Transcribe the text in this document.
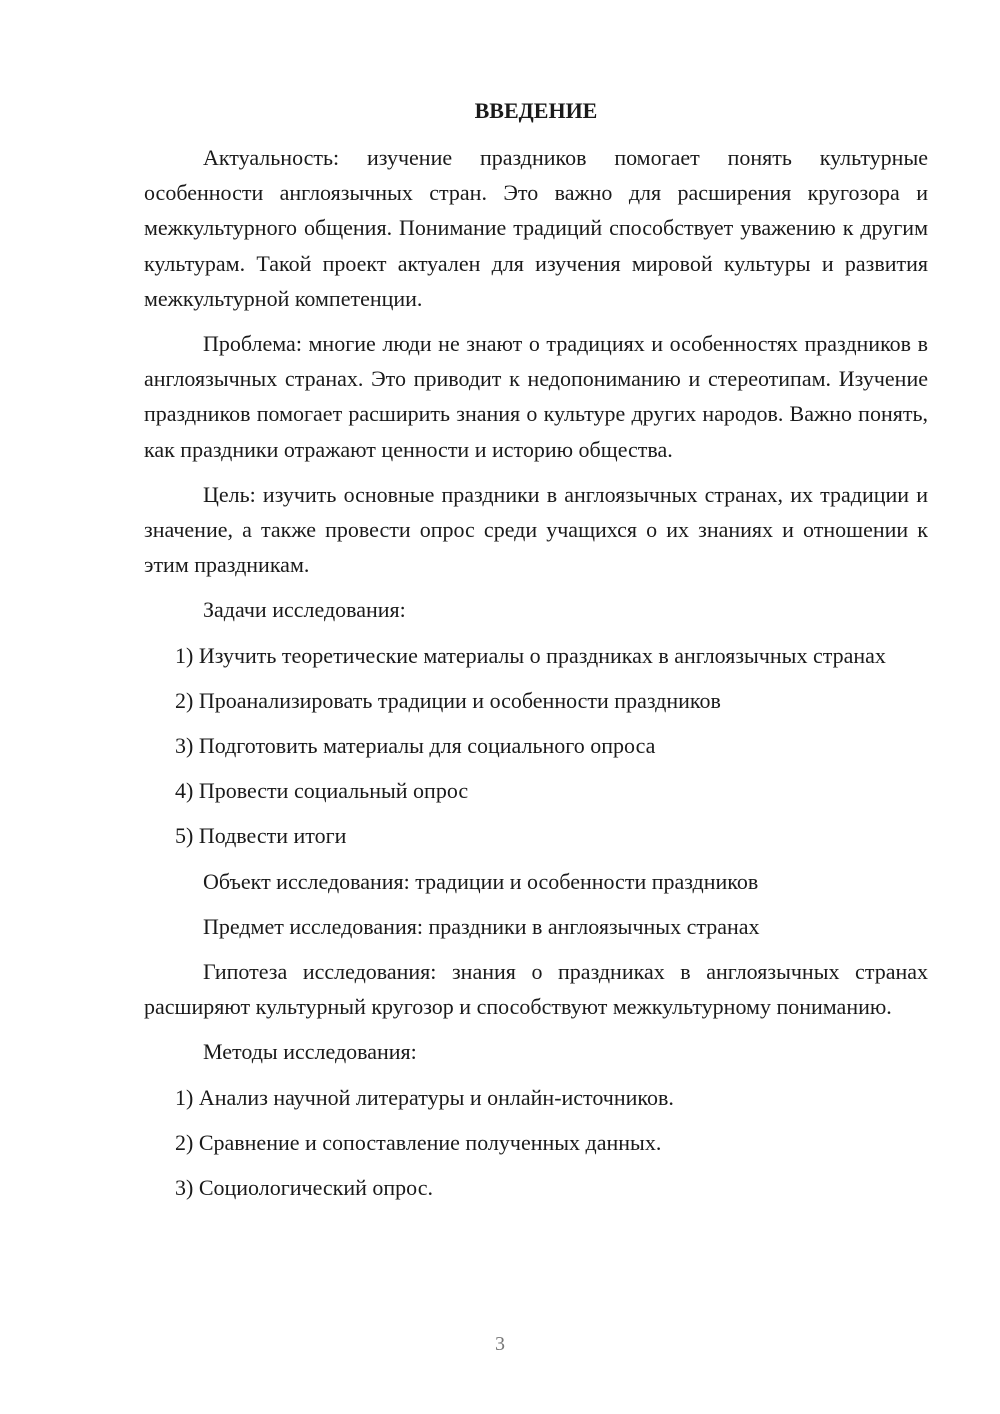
ВВЕДЕНИЕ

Актуальность: изучение праздников помогает понять культурные особенности англоязычных стран. Это важно для расширения кругозора и межкультурного общения. Понимание традиций способствует уважению к другим культурам. Такой проект актуален для изучения мировой культуры и развития межкультурной компетенции.

Проблема: многие люди не знают о традициях и особенностях праздников в англоязычных странах. Это приводит к недопониманию и стереотипам. Изучение праздников помогает расширить знания о культуре других народов. Важно понять, как праздники отражают ценности и историю общества.

Цель: изучить основные праздники в англоязычных странах, их традиции и значение, а также провести опрос среди учащихся о их знаниях и отношении к этим праздникам.

Задачи исследования:

1) Изучить теоретические материалы о праздниках в англоязычных странах

2) Проанализировать традиции и особенности праздников
3) Подготовить материалы для социального опроса
4) Провести социальный опрос
5) Подвести итоги
Объект исследования: традиции и особенности праздников
Предмет исследования: праздники в англоязычных странах

Гипотеза исследования: знания о праздниках в англоязычных странах расширяют культурный кругозор и способствуют межкультурному пониманию.

Методы исследования:
1) Анализ научной литературы и онлайн-источников.
2) Сравнение и сопоставление полученных данных.
3) Социологический опрос.
3
